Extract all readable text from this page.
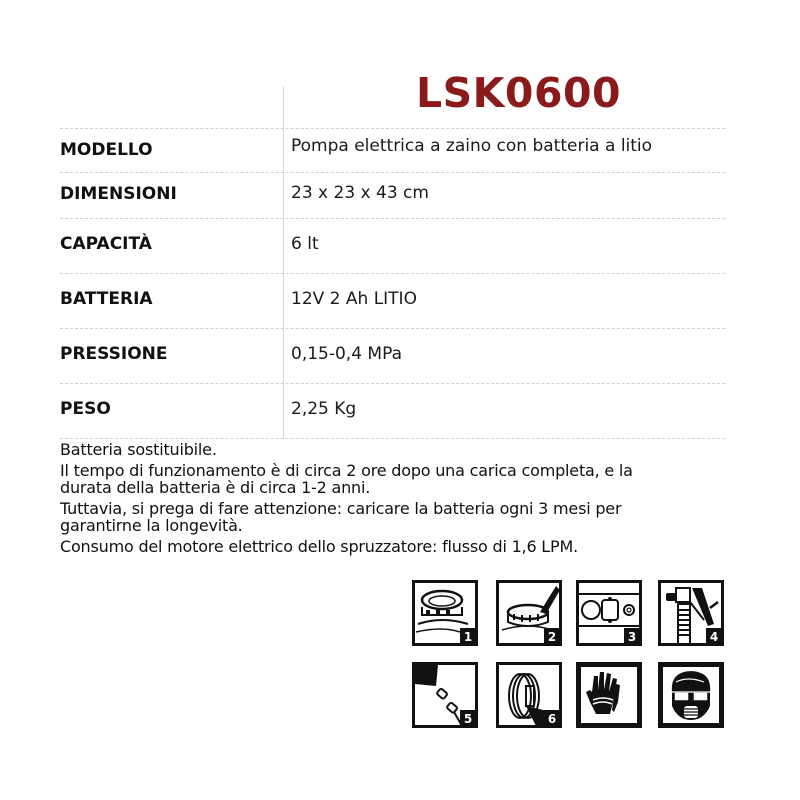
LSK0600
MODELLO	Pompa elettrica a zaino con batteria a litio
DIMENSIONI	23 x 23 x 43 cm
CAPACITÀ	6 lt
BATTERIA	12V 2 Ah LITIO
PRESSIONE	0,15-0,4 MPa
PESO	2,25 Kg

Batteria sostituibile.

Il tempo di funzionamento è di circa 2 ore dopo una carica completa, e la durata della batteria è di circa 1-2 anni.

Tuttavia, si prega di fare attenzione: caricare la batteria ogni 3 mesi per garantirne la longevità.

Consumo del motore elettrico dello spruzzatore: flusso di 1,6 LPM.

1	2	3	4
5	6
